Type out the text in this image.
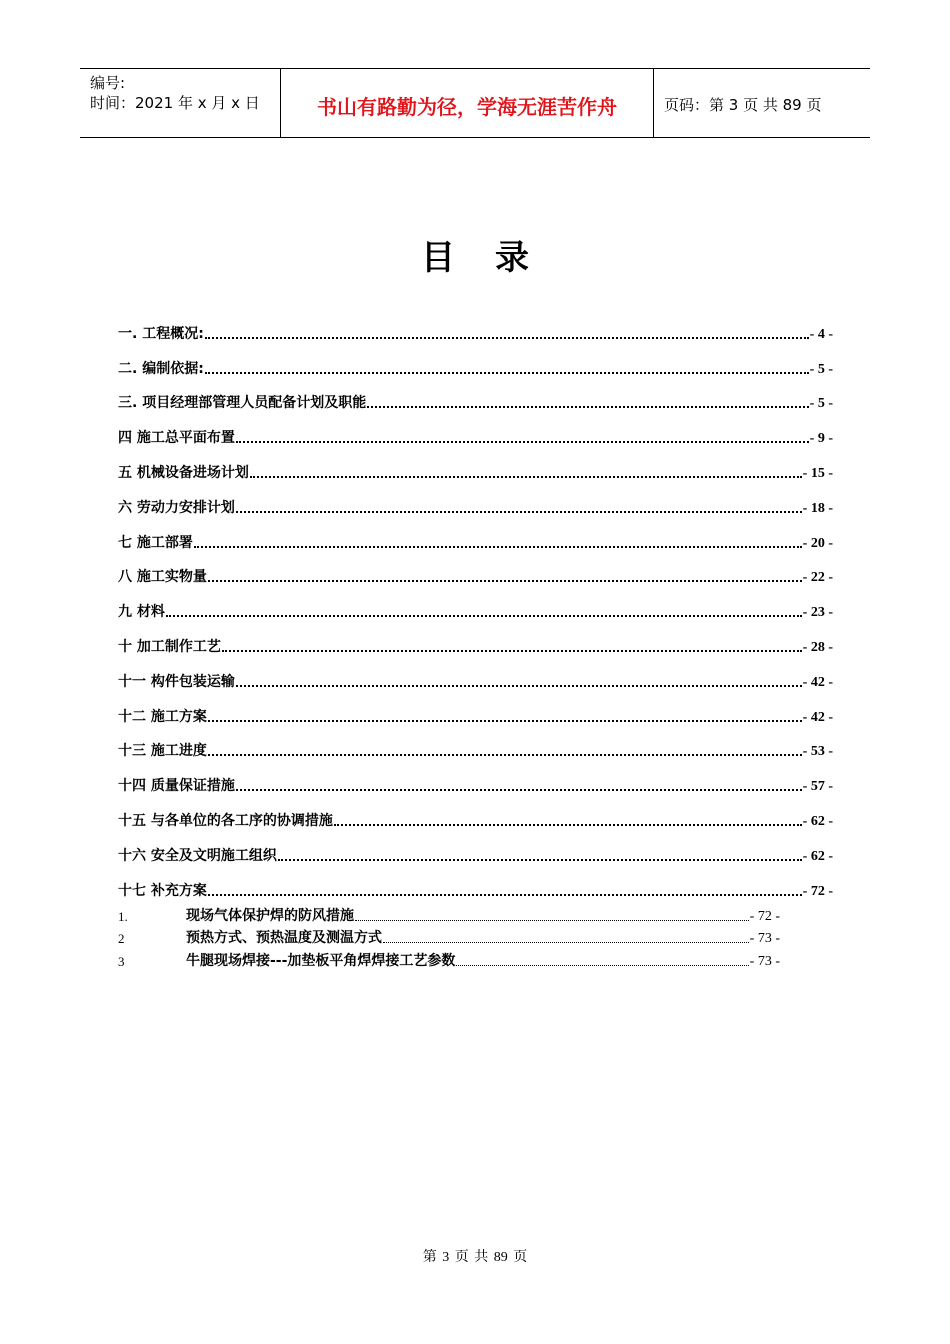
编号:
时间：2021 年 x 月 x 日	书山有路勤为径，学海无涯苦作舟	页码：第 3 页 共 89 页
目录
一. 工程概况:	- 4 -
二. 编制依据:	- 5 -
三. 项目经理部管理人员配备计划及职能	- 5 -
四 施工总平面布置	- 9 -
五 机械设备进场计划	- 15 -
六 劳动力安排计划	- 18 -
七 施工部署	- 20 -
八 施工实物量	- 22 -
九 材料	- 23 -
十 加工制作工艺	- 28 -
十一 构件包装运输	- 42 -
十二 施工方案	- 42 -
十三 施工进度	- 53 -
十四 质量保证措施	- 57 -
十五 与各单位的各工序的协调措施	- 62 -
十六 安全及文明施工组织	- 62 -
十七 补充方案	- 72 -
1.	现场气体保护焊的防风措施	- 72 -
2	预热方式、预热温度及测温方式	- 73 -
3	牛腿现场焊接---加垫板平角焊焊接工艺参数	- 73 -
第 3 页 共 89 页
